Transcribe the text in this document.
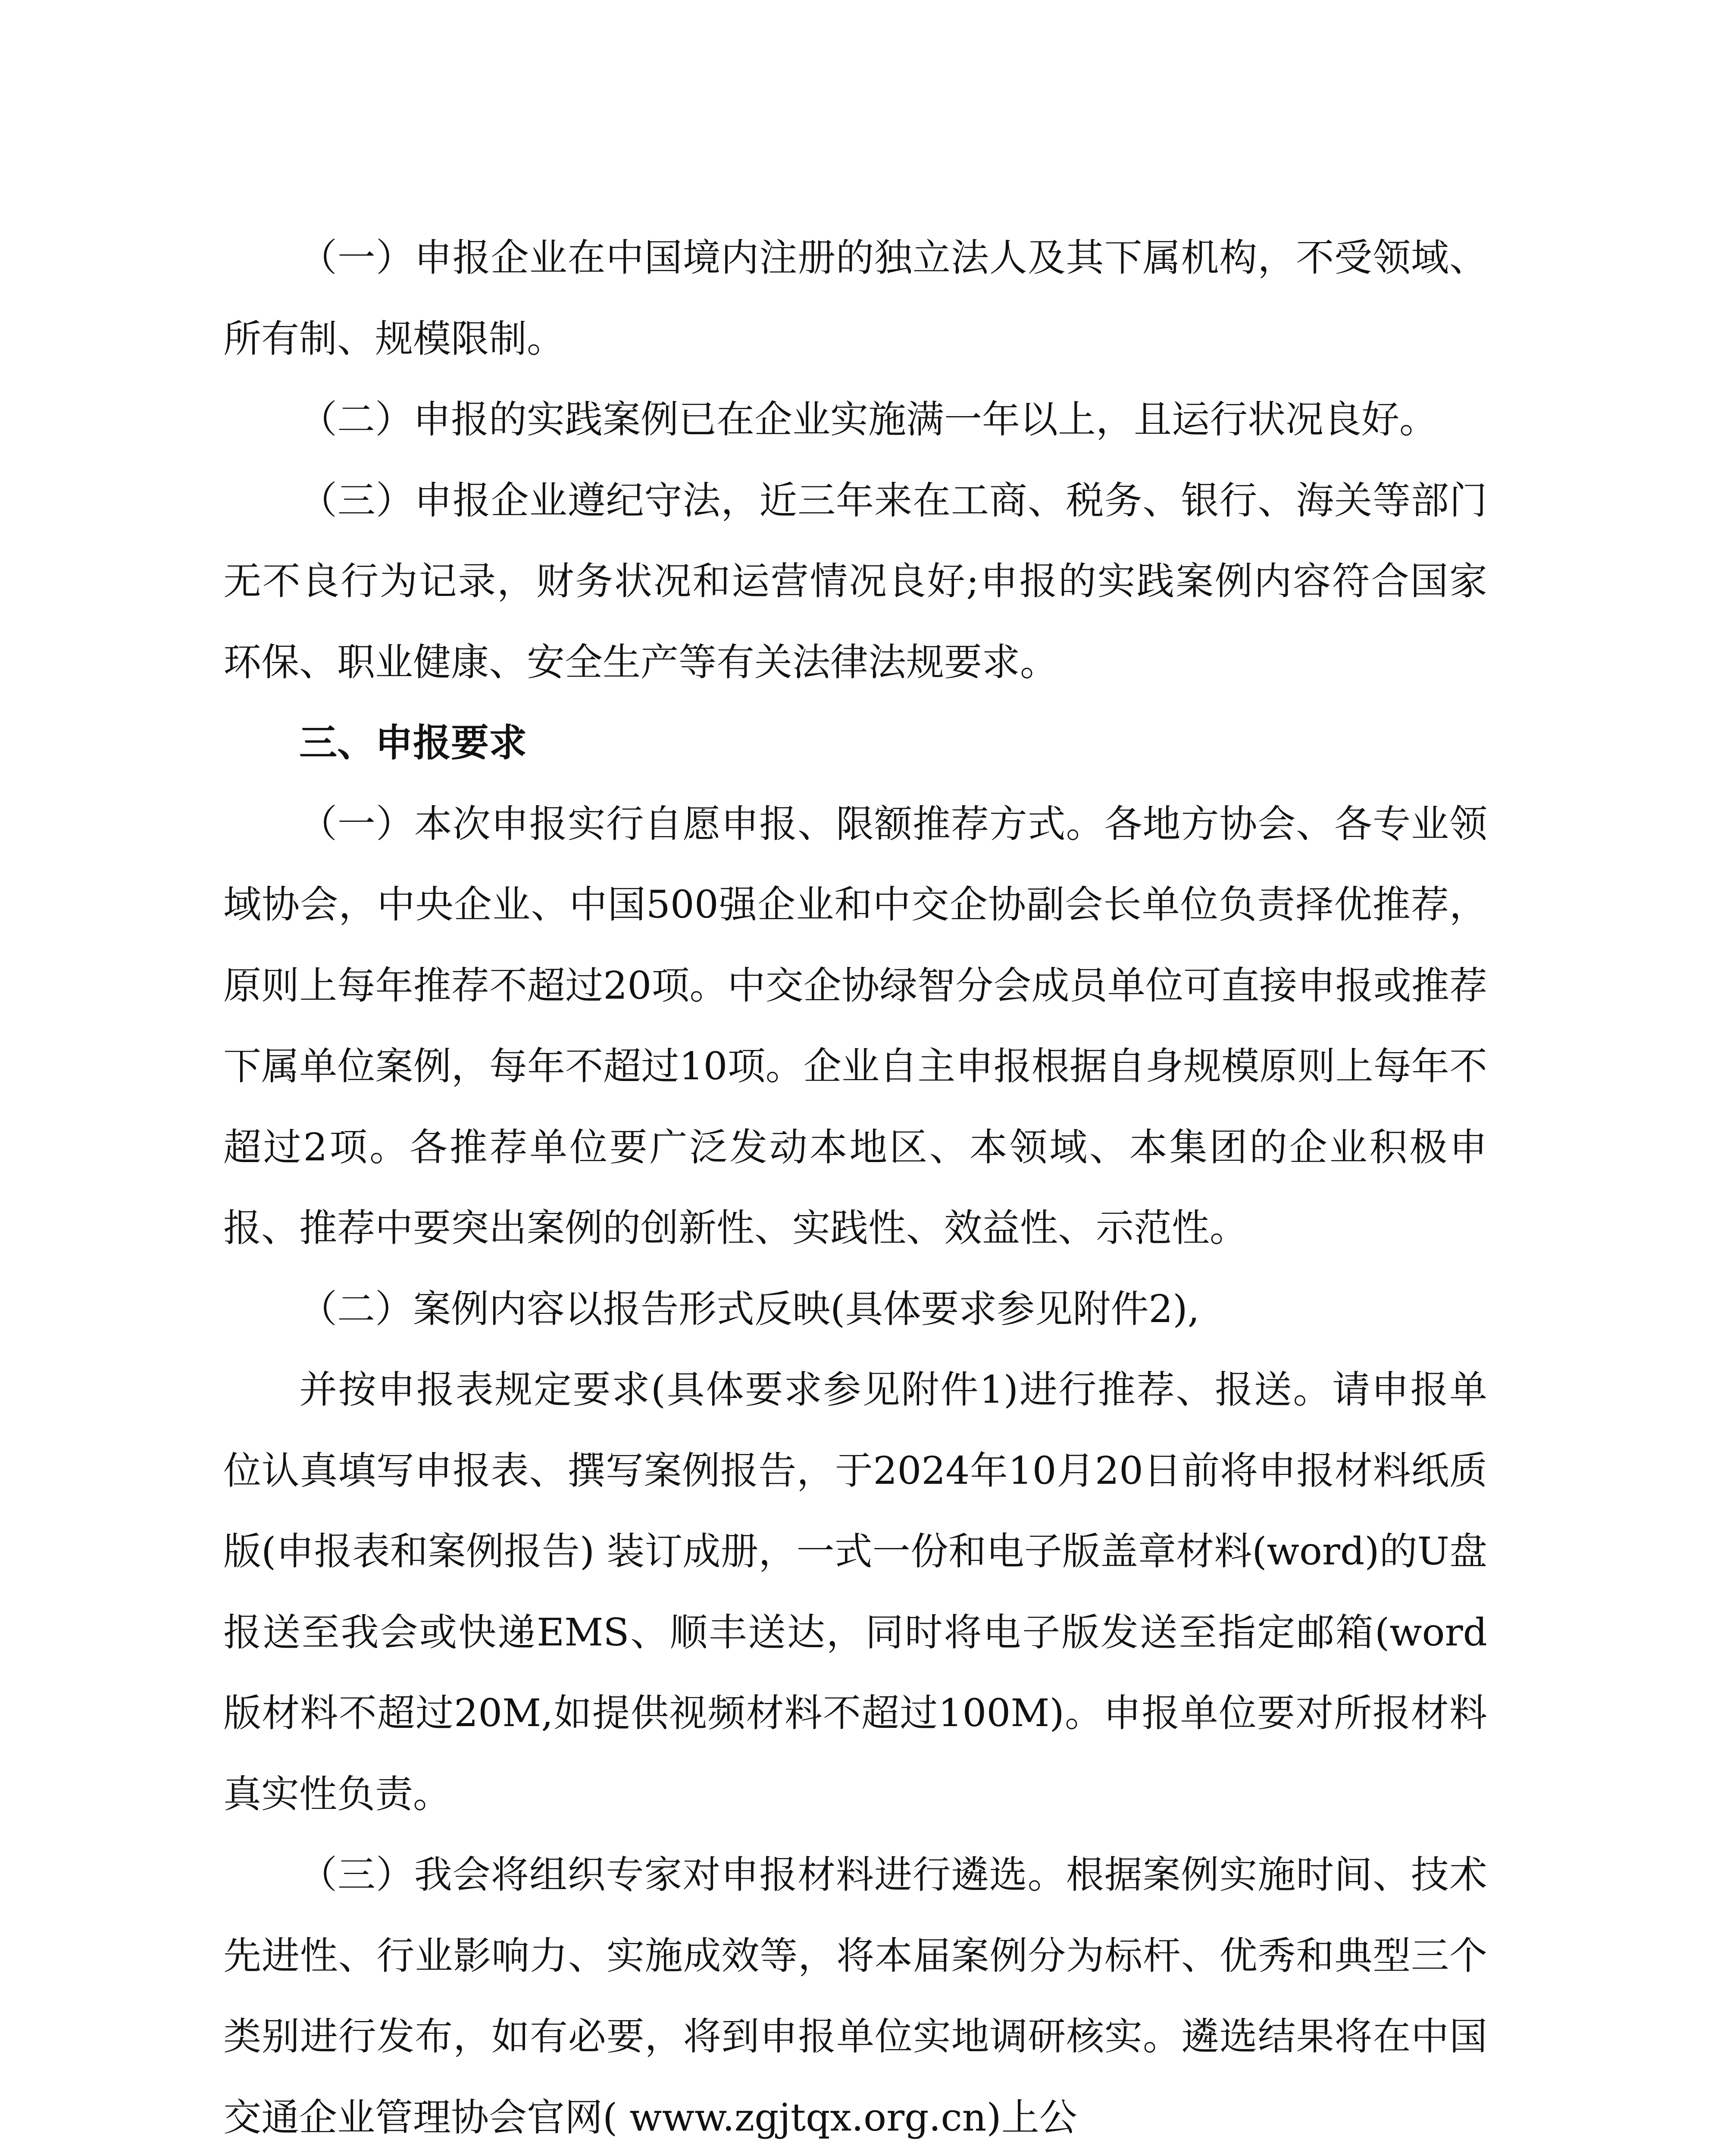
（一）申报企业在中国境内注册的独立法人及其下属机构，不受领域、所有制、规模限制。

（二）申报的实践案例已在企业实施满一年以上，且运行状况良好。

（三）申报企业遵纪守法，近三年来在工商、税务、银行、海关等部门无不良行为记录，财务状况和运营情况良好;申报的实践案例内容符合国家环保、职业健康、安全生产等有关法律法规要求。

三、申报要求

（一）本次申报实行自愿申报、限额推荐方式。各地方协会、各专业领域协会，中央企业、中国500强企业和中交企协副会长单位负责择优推荐，原则上每年推荐不超过20项。中交企协绿智分会成员单位可直接申报或推荐下属单位案例，每年不超过10项。企业自主申报根据自身规模原则上每年不超过2项。各推荐单位要广泛发动本地区、本领域、本集团的企业积极申报、推荐中要突出案例的创新性、实践性、效益性、示范性。

（二）案例内容以报告形式反映(具体要求参见附件2),

并按申报表规定要求(具体要求参见附件1)进行推荐、报送。请申报单位认真填写申报表、撰写案例报告，于2024年10月20日前将申报材料纸质版(申报表和案例报告) 装订成册，一式一份和电子版盖章材料(word)的U盘报送至我会或快递EMS、顺丰送达，同时将电子版发送至指定邮箱(word版材料不超过20M,如提供视频材料不超过100M)。申报单位要对所报材料真实性负责。

（三）我会将组织专家对申报材料进行遴选。根据案例实施时间、技术先进性、行业影响力、实施成效等，将本届案例分为标杆、优秀和典型三个类别进行发布，如有必要，将到申报单位实地调研核实。遴选结果将在中国交通企业管理协会官网( www.zgjtqx.org.cn)上公
